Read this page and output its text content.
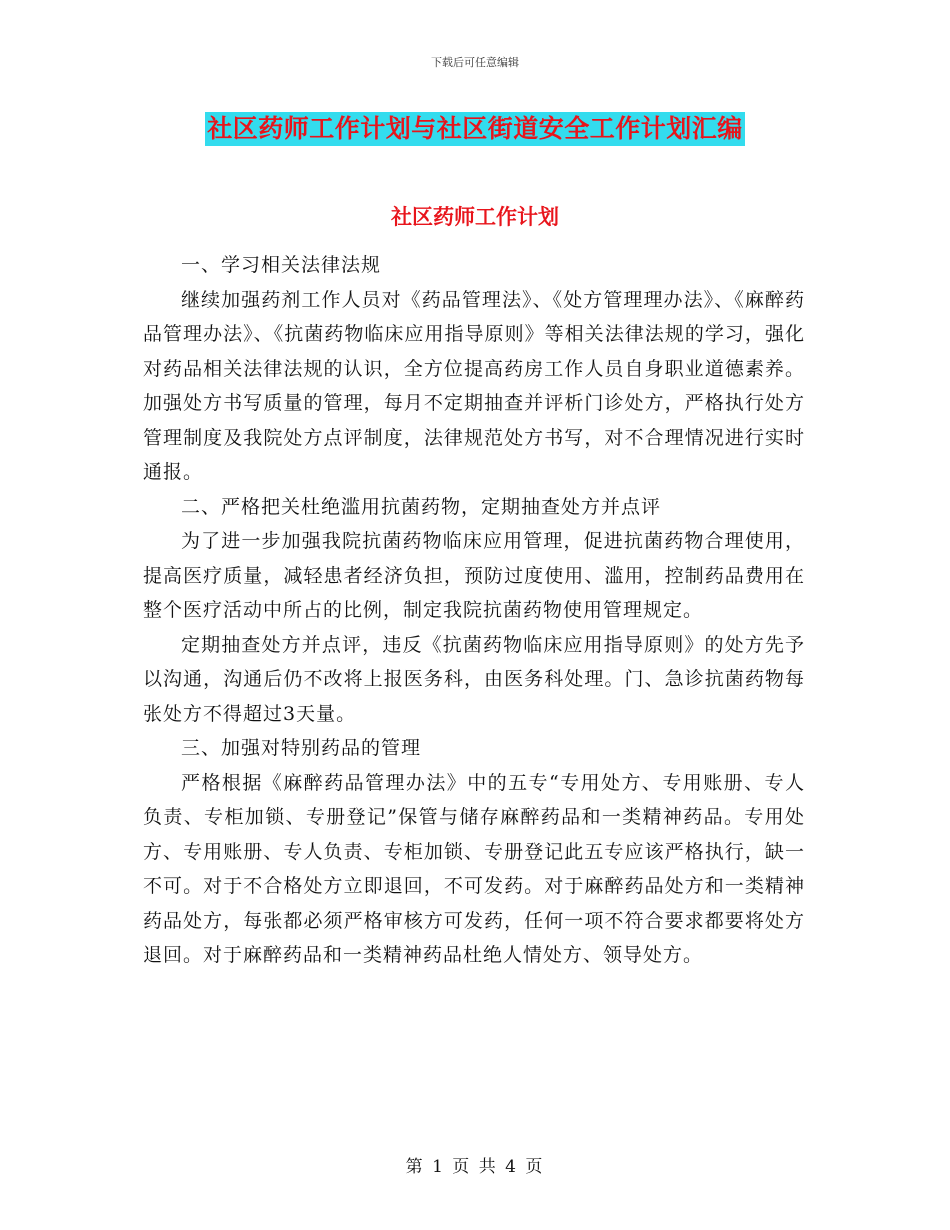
下载后可任意编辑
社区药师工作计划与社区街道安全工作计划汇编
社区药师工作计划

一、学习相关法律法规

继续加强药剂工作人员对《药品管理法》、《处方管理理办法》、《麻醉药品管理办法》、《抗菌药物临床应用指导原则》等相关法律法规的学习，强化对药品相关法律法规的认识，全方位提高药房工作人员自身职业道德素养。加强处方书写质量的管理，每月不定期抽查并评析门诊处方，严格执行处方管理制度及我院处方点评制度，法律规范处方书写，对不合理情况进行实时通报。

二、严格把关杜绝滥用抗菌药物，定期抽查处方并点评

为了进一步加强我院抗菌药物临床应用管理，促进抗菌药物合理使用，提高医疗质量，减轻患者经济负担，预防过度使用、滥用，控制药品费用在整个医疗活动中所占的比例，制定我院抗菌药物使用管理规定。

定期抽查处方并点评，违反《抗菌药物临床应用指导原则》的处方先予以沟通，沟通后仍不改将上报医务科，由医务科处理。门、急诊抗菌药物每张处方不得超过3天量。

三、加强对特别药品的管理

严格根据《麻醉药品管理办法》中的五专“专用处方、专用账册、专人负责、专柜加锁、专册登记”保管与储存麻醉药品和一类精神药品。专用处方、专用账册、专人负责、专柜加锁、专册登记此五专应该严格执行，缺一不可。对于不合格处方立即退回，不可发药。对于麻醉药品处方和一类精神药品处方，每张都必须严格审核方可发药，任何一项不符合要求都要将处方退回。对于麻醉药品和一类精神药品杜绝人情处方、领导处方。

第 1 页 共 4 页
